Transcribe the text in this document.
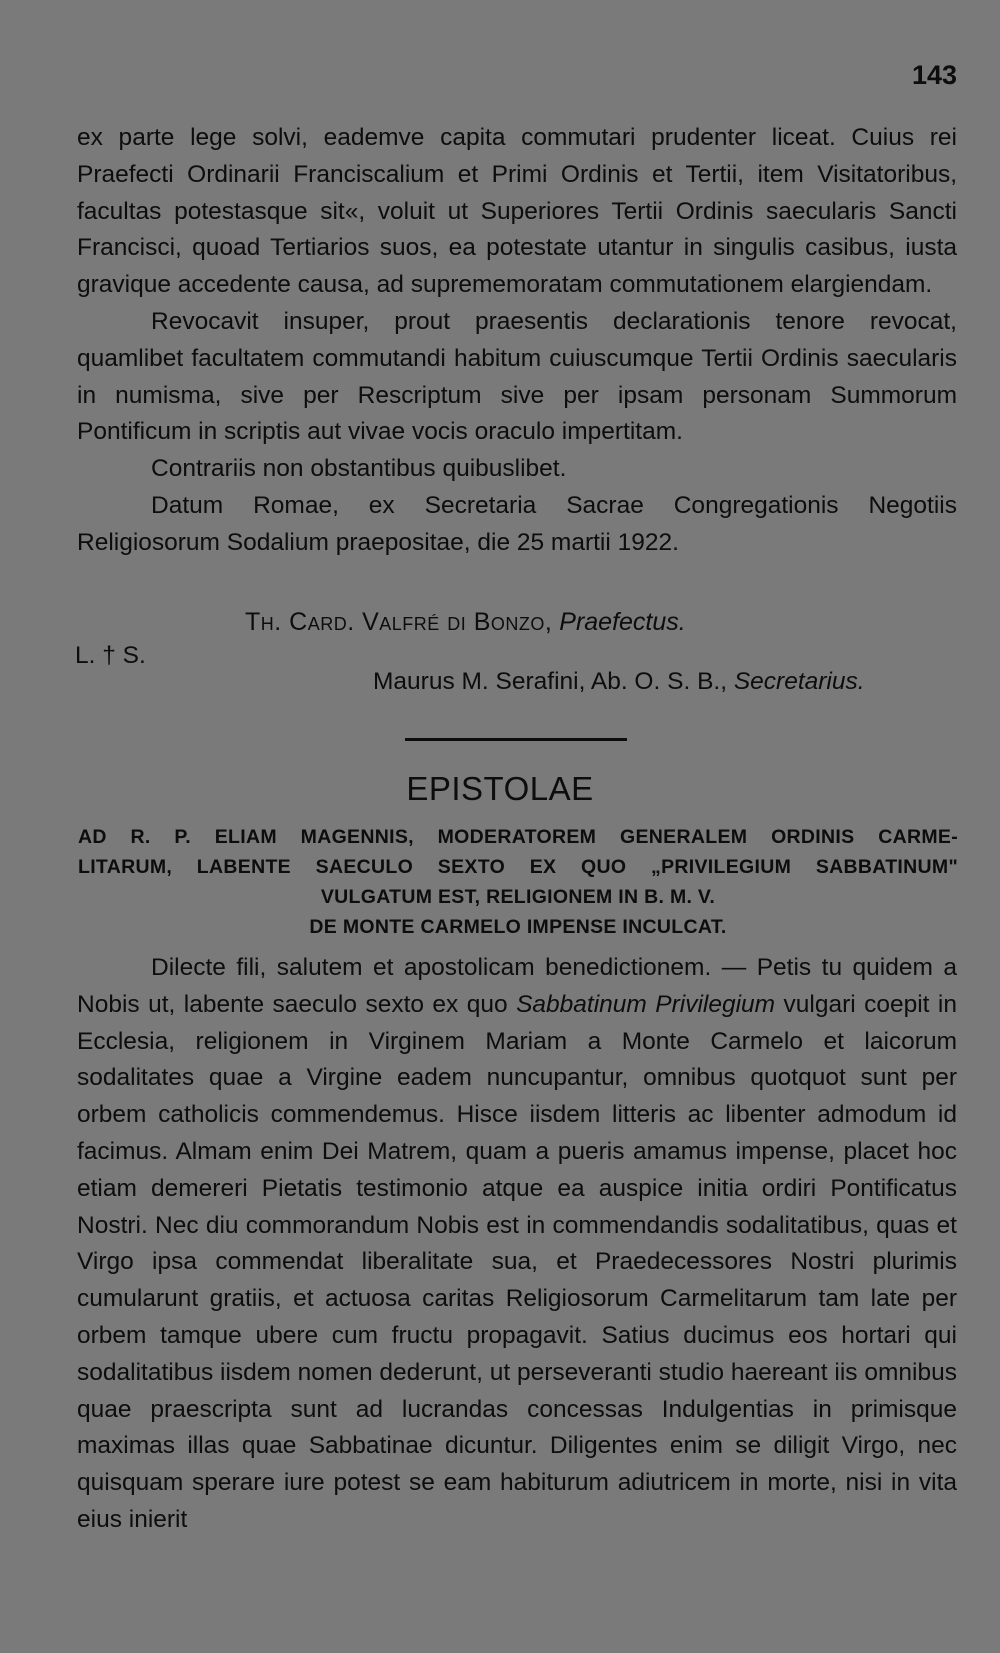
143

ex parte lege solvi, eademve capita commutari prudenter liceat. Cuius rei Praefecti Ordinarii Franciscalium et Primi Ordinis et Tertii, item Visitatoribus, facultas potestasque sit«, voluit ut Superiores Tertii Ordinis saecularis Sancti Francisci, quoad Tertiarios suos, ea potestate utantur in singulis casibus, iusta gravique accedente causa, ad suprememoratam commutationem elargiendam.

Revocavit insuper, prout praesentis declarationis tenore revocat, quamlibet facultatem commutandi habitum cuiuscumque Tertii Ordinis saecularis in numisma, sive per Rescriptum sive per ipsam personam Summorum Pontificum in scriptis aut vivae vocis oraculo impertitam.

Contrariis non obstantibus quibuslibet.

Datum Romae, ex Secretaria Sacrae Congregationis Negotiis Religiosorum Sodalium praepositae, die 25 martii 1922.

Th. Card. Valfré di Bonzo, Praefectus.
L. † S.
Maurus M. Serafini, Ab. O. S. B., Secretarius.
EPISTOLAE
AD R. P. ELIAM MAGENNIS, MODERATOREM GENERALEM ORDINIS CARME-
LITARUM, LABENTE SAECULO SEXTO EX QUO „PRIVILEGIUM SABBATINUM"
VULGATUM EST, RELIGIONEM IN B. M. V.
DE MONTE CARMELO IMPENSE INCULCAT.

Dilecte fili, salutem et apostolicam benedictionem. — Petis tu quidem a Nobis ut, labente saeculo sexto ex quo Sabbatinum Privilegium vulgari coepit in Ecclesia, religionem in Virginem Mariam a Monte Carmelo et laicorum sodalitates quae a Virgine eadem nuncupantur, omnibus quotquot sunt per orbem catholicis commendemus. Hisce iisdem litteris ac libenter admodum id facimus. Almam enim Dei Matrem, quam a pueris amamus impense, placet hoc etiam demereri Pietatis testimonio atque ea auspice initia ordiri Pontificatus Nostri. Nec diu commorandum Nobis est in commendandis sodalitatibus, quas et Virgo ipsa commendat liberalitate sua, et Praedecessores Nostri plurimis cumularunt gratiis, et actuosa caritas Religiosorum Carmelitarum tam late per orbem tamque ubere cum fructu propagavit. Satius ducimus eos hortari qui sodalitatibus iisdem nomen dederunt, ut perseveranti studio haereant iis omnibus quae praescripta sunt ad lucrandas concessas Indulgentias in primisque maximas illas quae Sabbatinae dicuntur. Diligentes enim se diligit Virgo, nec quisquam sperare iure potest se eam habiturum adiutricem in morte, nisi in vita eius inierit
